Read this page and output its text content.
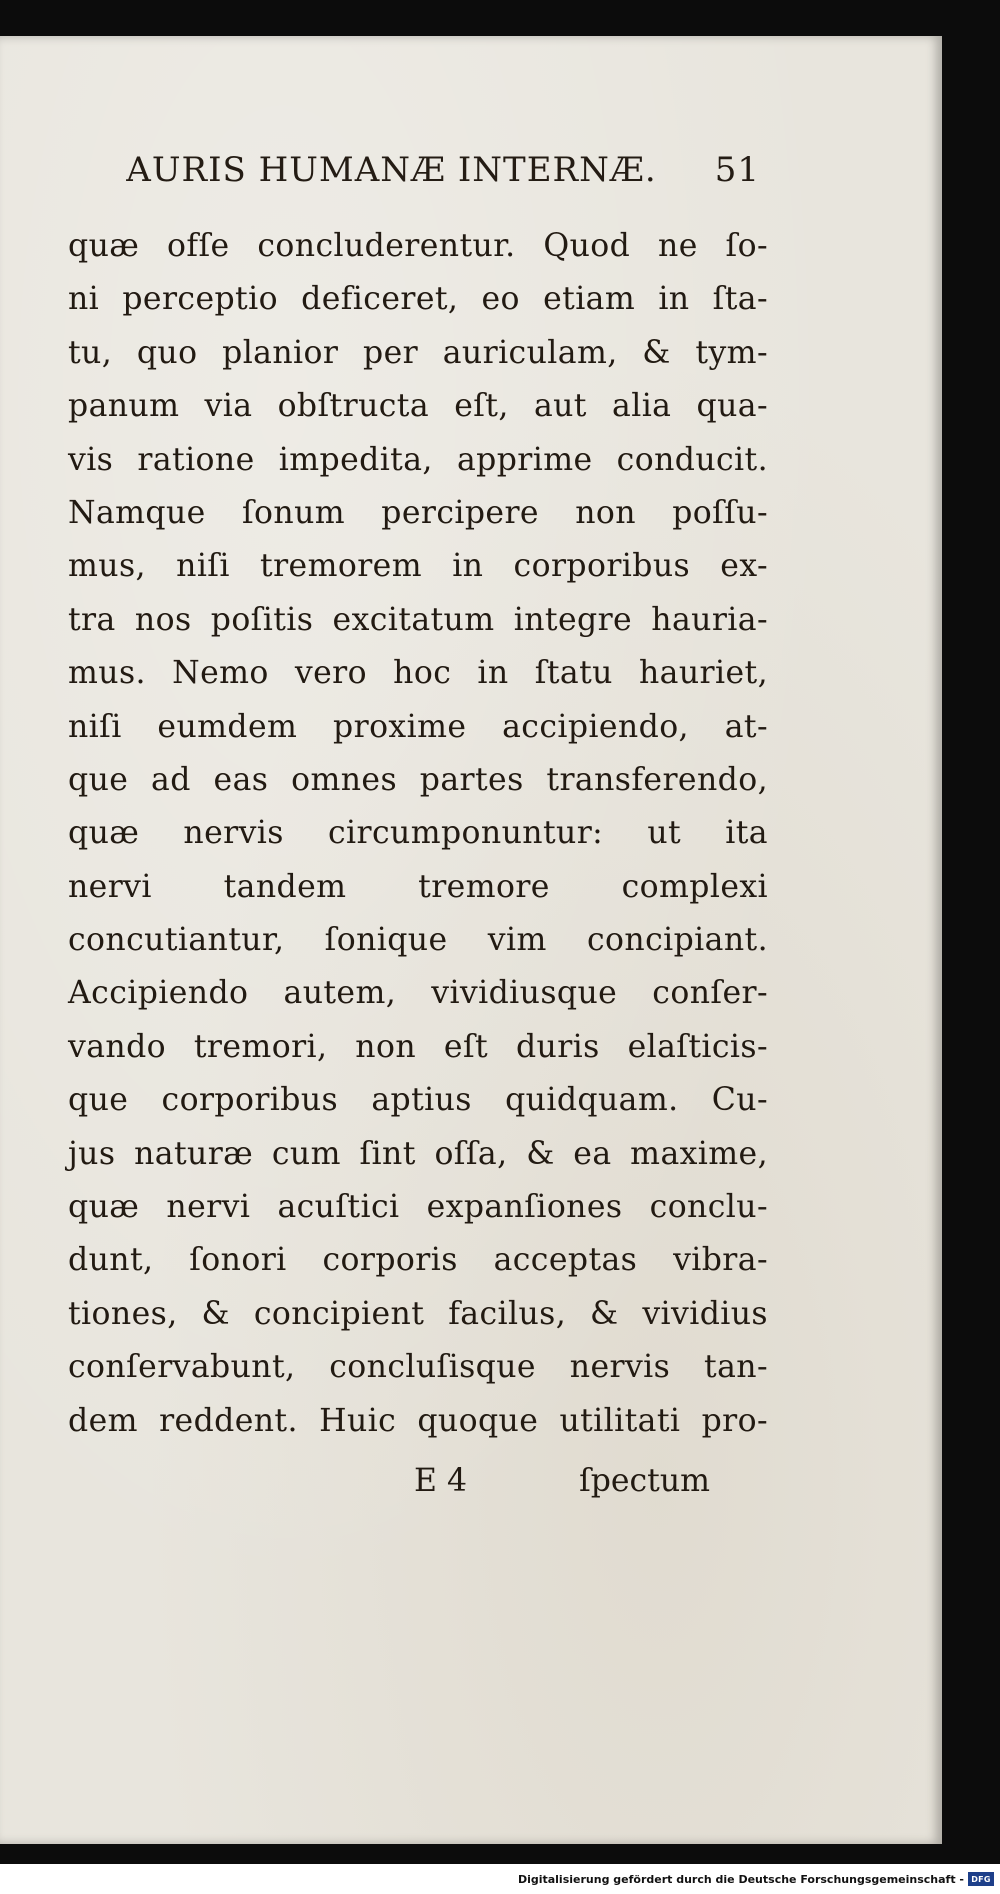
AURIS HUMANÆ INTERNÆ. 51
quæ ofſe concluderentur. Quod ne ſo-
ni perceptio deficeret, eo etiam in ſta-
tu, quo planior per auriculam, & tym-
panum via obſtructa eſt, aut alia qua-
vis ratione impedita, apprime conducit.
Namque ſonum percipere non poſſu-
mus, niſi tremorem in corporibus ex-
tra nos poſitis excitatum integre hauria-
mus. Nemo vero hoc in ſtatu hauriet,
niſi eumdem proxime accipiendo, at-
que ad eas omnes partes transferendo,
quæ nervis circumponuntur: ut ita
nervi tandem tremore complexi
concutiantur, ſonique vim concipiant.
Accipiendo autem, vividiusque conſer-
vando tremori, non eſt duris elaſticis-
que corporibus aptius quidquam. Cu-
jus naturæ cum ſint oſſa, & ea maxime,
quæ nervi acuſtici expanſiones conclu-
dunt, ſonori corporis acceptas vibra-
tiones, & concipient facilus, & vividius
conſervabunt, concluſisque nervis tan-
dem reddent. Huic quoque utilitati pro-
E 4	ſpectum
Digitalisierung gefördert durch die Deutsche Forschungsgemeinschaft - DFG
